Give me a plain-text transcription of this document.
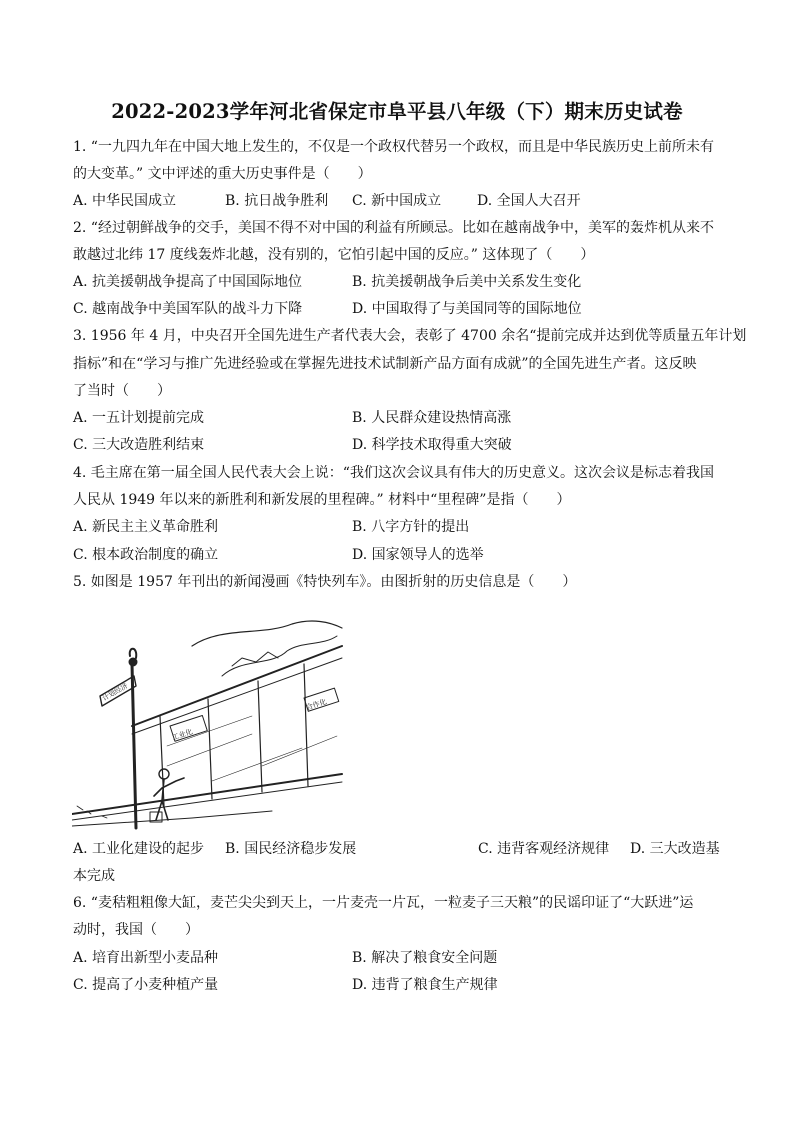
2022-2023学年河北省保定市阜平县八年级（下）期末历史试卷
1. “一九四九年在中国大地上发生的，不仅是一个政权代替另一个政权，而且是中华民族历史上前所未有
的大变革。” 文中评述的重大历史事件是（　　）
A. 中华民国成立	B. 抗日战争胜利 C. 新中国成立	D. 全国人大召开
2. “经过朝鲜战争的交手，美国不得不对中国的利益有所顾忌。比如在越南战争中，美军的轰炸机从来不
敢越过北纬 17 度线轰炸北越，没有别的，它怕引起中国的反应。” 这体现了（　　）
A. 抗美援朝战争提高了中国国际地位	B. 抗美援朝战争后美中关系发生变化
C. 越南战争中美国军队的战斗力下降	D. 中国取得了与美国同等的国际地位
3. 1956 年 4 月，中央召开全国先进生产者代表大会，表彰了 4700 余名“提前完成并达到优等质量五年计划
指标”和在“学习与推广先进经验或在掌握先进技术试制新产品方面有成就”的全国先进生产者。这反映
了当时（　　）
A. 一五计划提前完成	B. 人民群众建设热情高涨
C. 三大改造胜利结束	D. 科学技术取得重大突破
4. 毛主席在第一届全国人民代表大会上说：“我们这次会议具有伟大的历史意义。这次会议是标志着我国
人民从 1949 年以来的新胜利和新发展的里程碑。” 材料中“里程碑”是指（　　）
A. 新民主主义革命胜利	B. 八字方针的提出
C. 根本政治制度的确立	D. 国家领导人的选举
5. 如图是 1957 年刊出的新闻漫画《特快列车》。由图折射的历史信息是（　　）
计划经济
工业化
合作化
A. 工业化建设的起步 B. 国民经济稳步发展	C. 违背客观经济规律 D. 三大改造基
本完成
6. “麦秸粗粗像大缸，麦芒尖尖到天上，一片麦壳一片瓦，一粒麦子三天粮”的民谣印证了“大跃进”运
动时，我国（　　）
A. 培育出新型小麦品种	B. 解决了粮食安全问题
C. 提高了小麦种植产量	D. 违背了粮食生产规律
